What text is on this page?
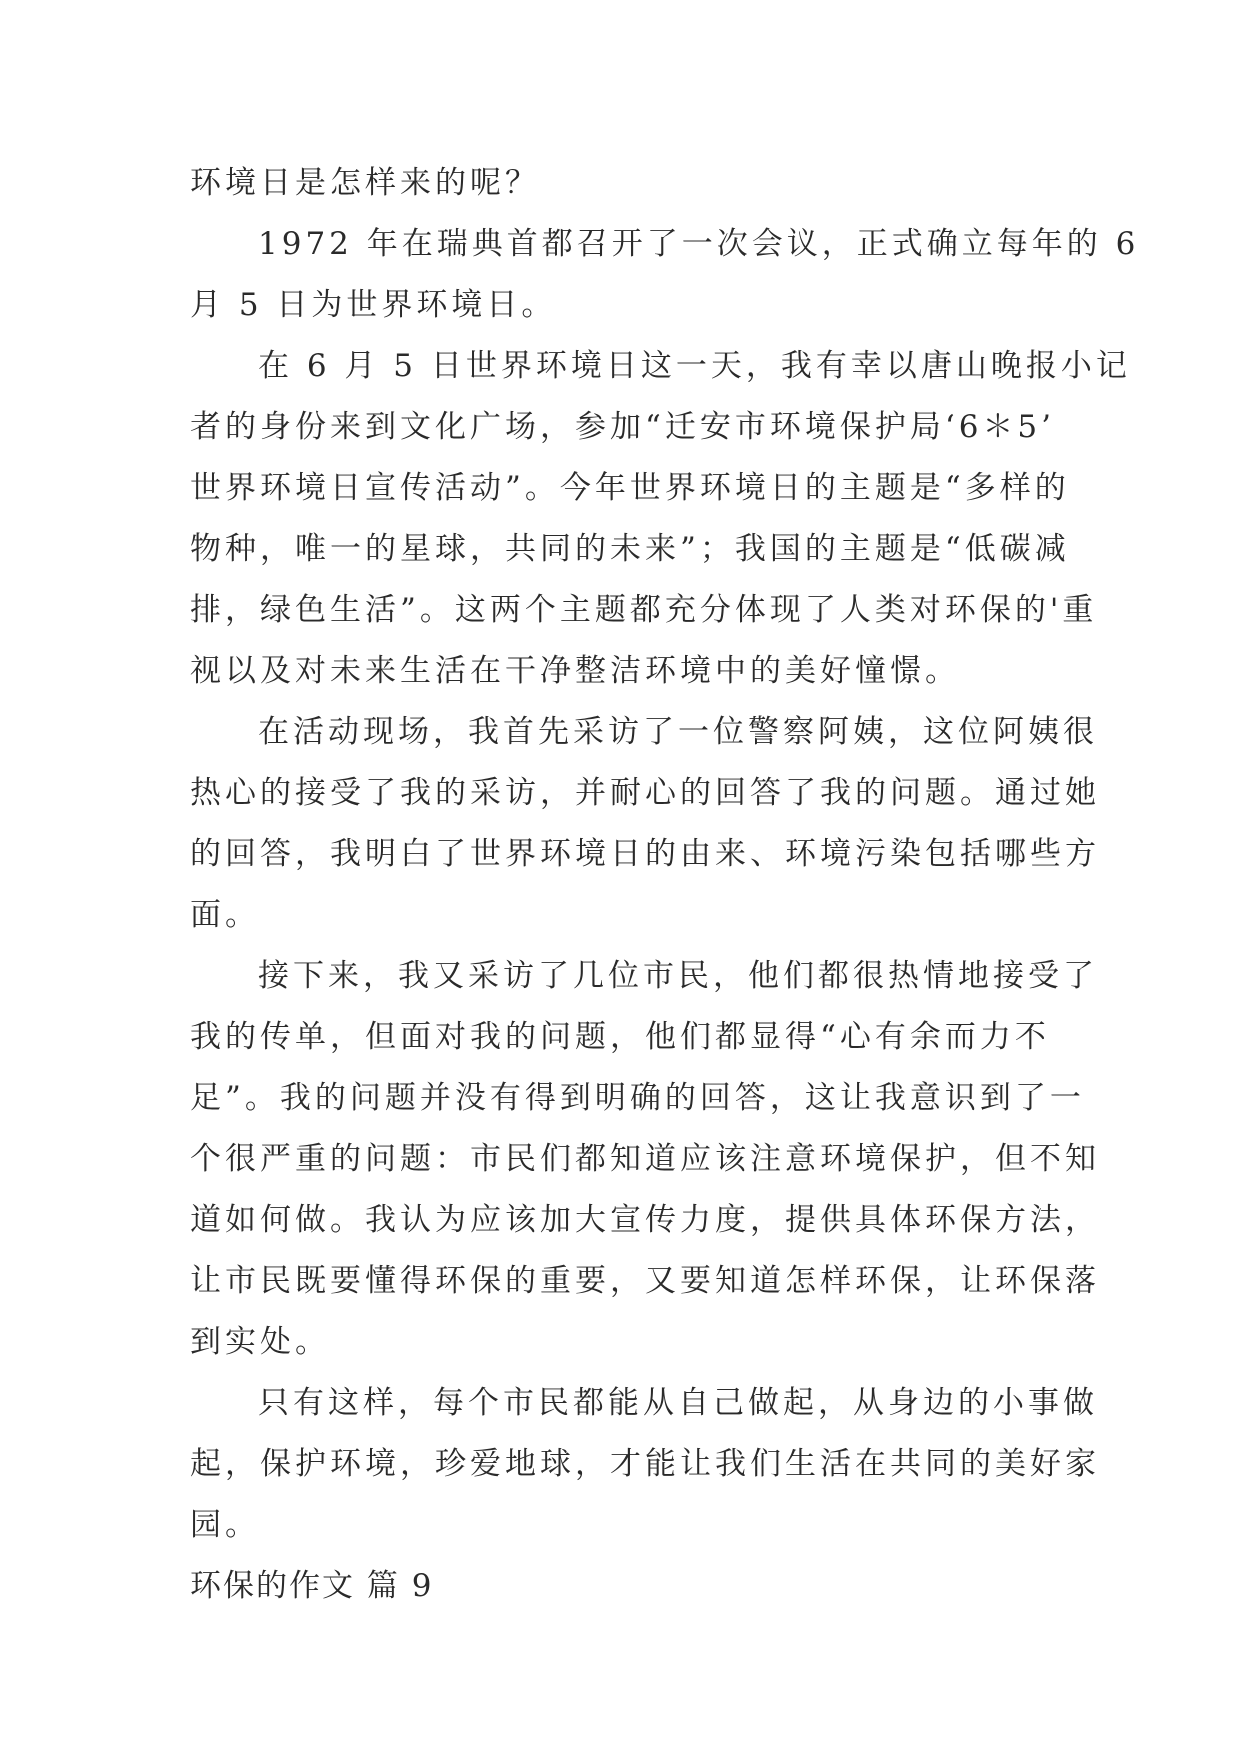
环境日是怎样来的呢？
1972 年在瑞典首都召开了一次会议，正式确立每年的 6
月 5 日为世界环境日。
在 6 月 5 日世界环境日这一天，我有幸以唐山晚报小记
者的身份来到文化广场，参加“迁安市环境保护局‘6＊5’
世界环境日宣传活动”。今年世界环境日的主题是“多样的
物种，唯一的星球，共同的未来”；我国的主题是“低碳减
排，绿色生活”。这两个主题都充分体现了人类对环保的'重
视以及对未来生活在干净整洁环境中的美好憧憬。
在活动现场，我首先采访了一位警察阿姨，这位阿姨很
热心的接受了我的采访，并耐心的回答了我的问题。通过她
的回答，我明白了世界环境日的由来、环境污染包括哪些方
面。
接下来，我又采访了几位市民，他们都很热情地接受了
我的传单，但面对我的问题，他们都显得“心有余而力不
足”。我的问题并没有得到明确的回答，这让我意识到了一
个很严重的问题：市民们都知道应该注意环境保护，但不知
道如何做。我认为应该加大宣传力度，提供具体环保方法，
让市民既要懂得环保的重要，又要知道怎样环保，让环保落
到实处。
只有这样，每个市民都能从自己做起，从身边的小事做
起，保护环境，珍爱地球，才能让我们生活在共同的美好家
园。
环保的作文 篇 9
